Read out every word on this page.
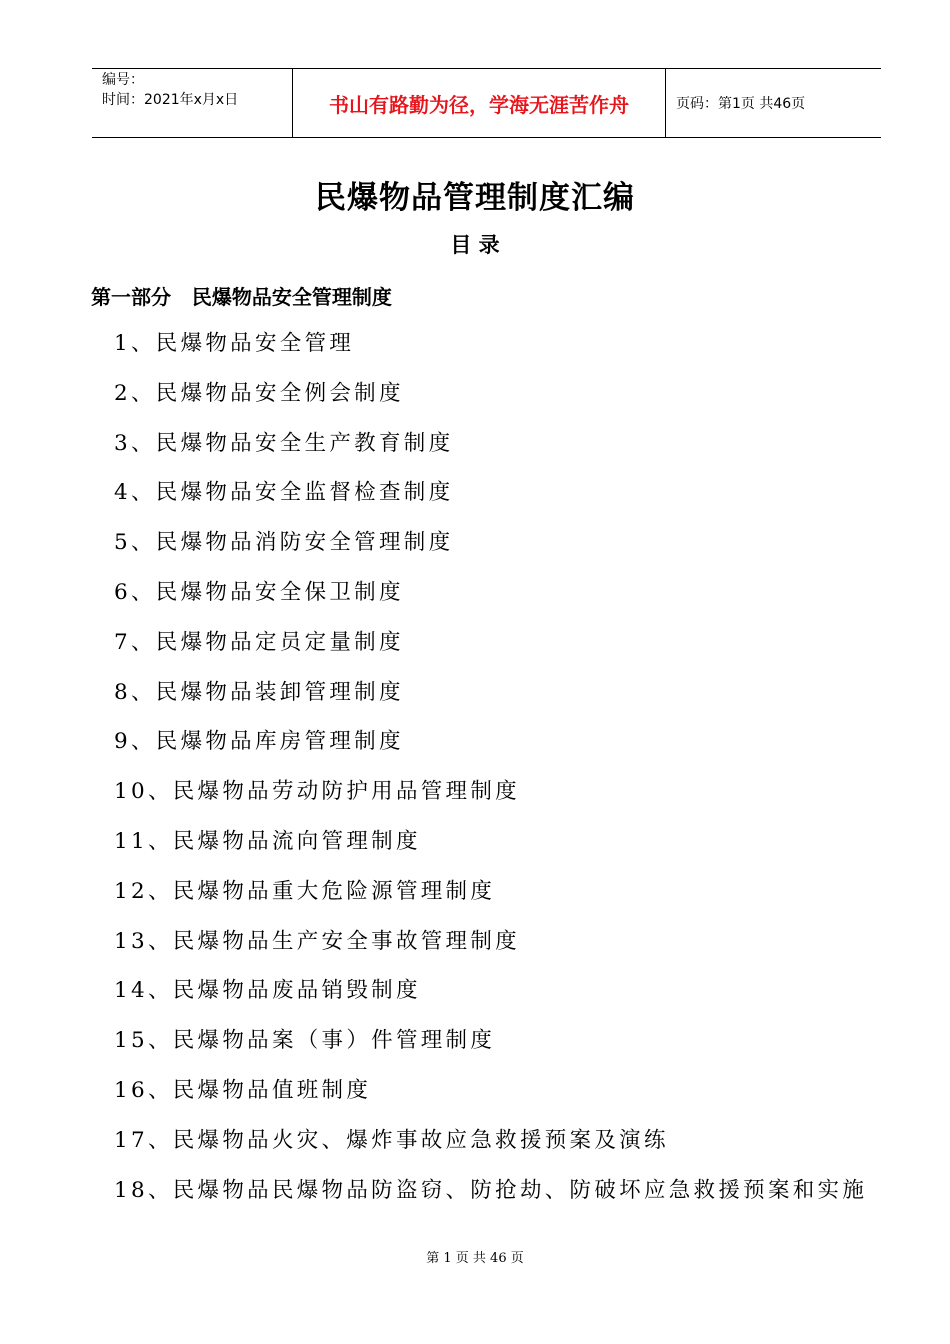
编号：
时间：2021年x月x日	书山有路勤为径，学海无涯苦作舟	页码：第1页 共46页
民爆物品管理制度汇编
目 录
第一部分   民爆物品安全管理制度
1、民爆物品安全管理
2、民爆物品安全例会制度
3、民爆物品安全生产教育制度
4、民爆物品安全监督检查制度
5、民爆物品消防安全管理制度
6、民爆物品安全保卫制度
7、民爆物品定员定量制度
8、民爆物品装卸管理制度
9、民爆物品库房管理制度
10、民爆物品劳动防护用品管理制度
11、民爆物品流向管理制度
12、民爆物品重大危险源管理制度
13、民爆物品生产安全事故管理制度
14、民爆物品废品销毁制度
15、民爆物品案（事）件管理制度
16、民爆物品值班制度
17、民爆物品火灾、爆炸事故应急救援预案及演练
18、民爆物品民爆物品防盗窃、防抢劫、防破坏应急救援预案和实施
第 1 页 共 46 页
